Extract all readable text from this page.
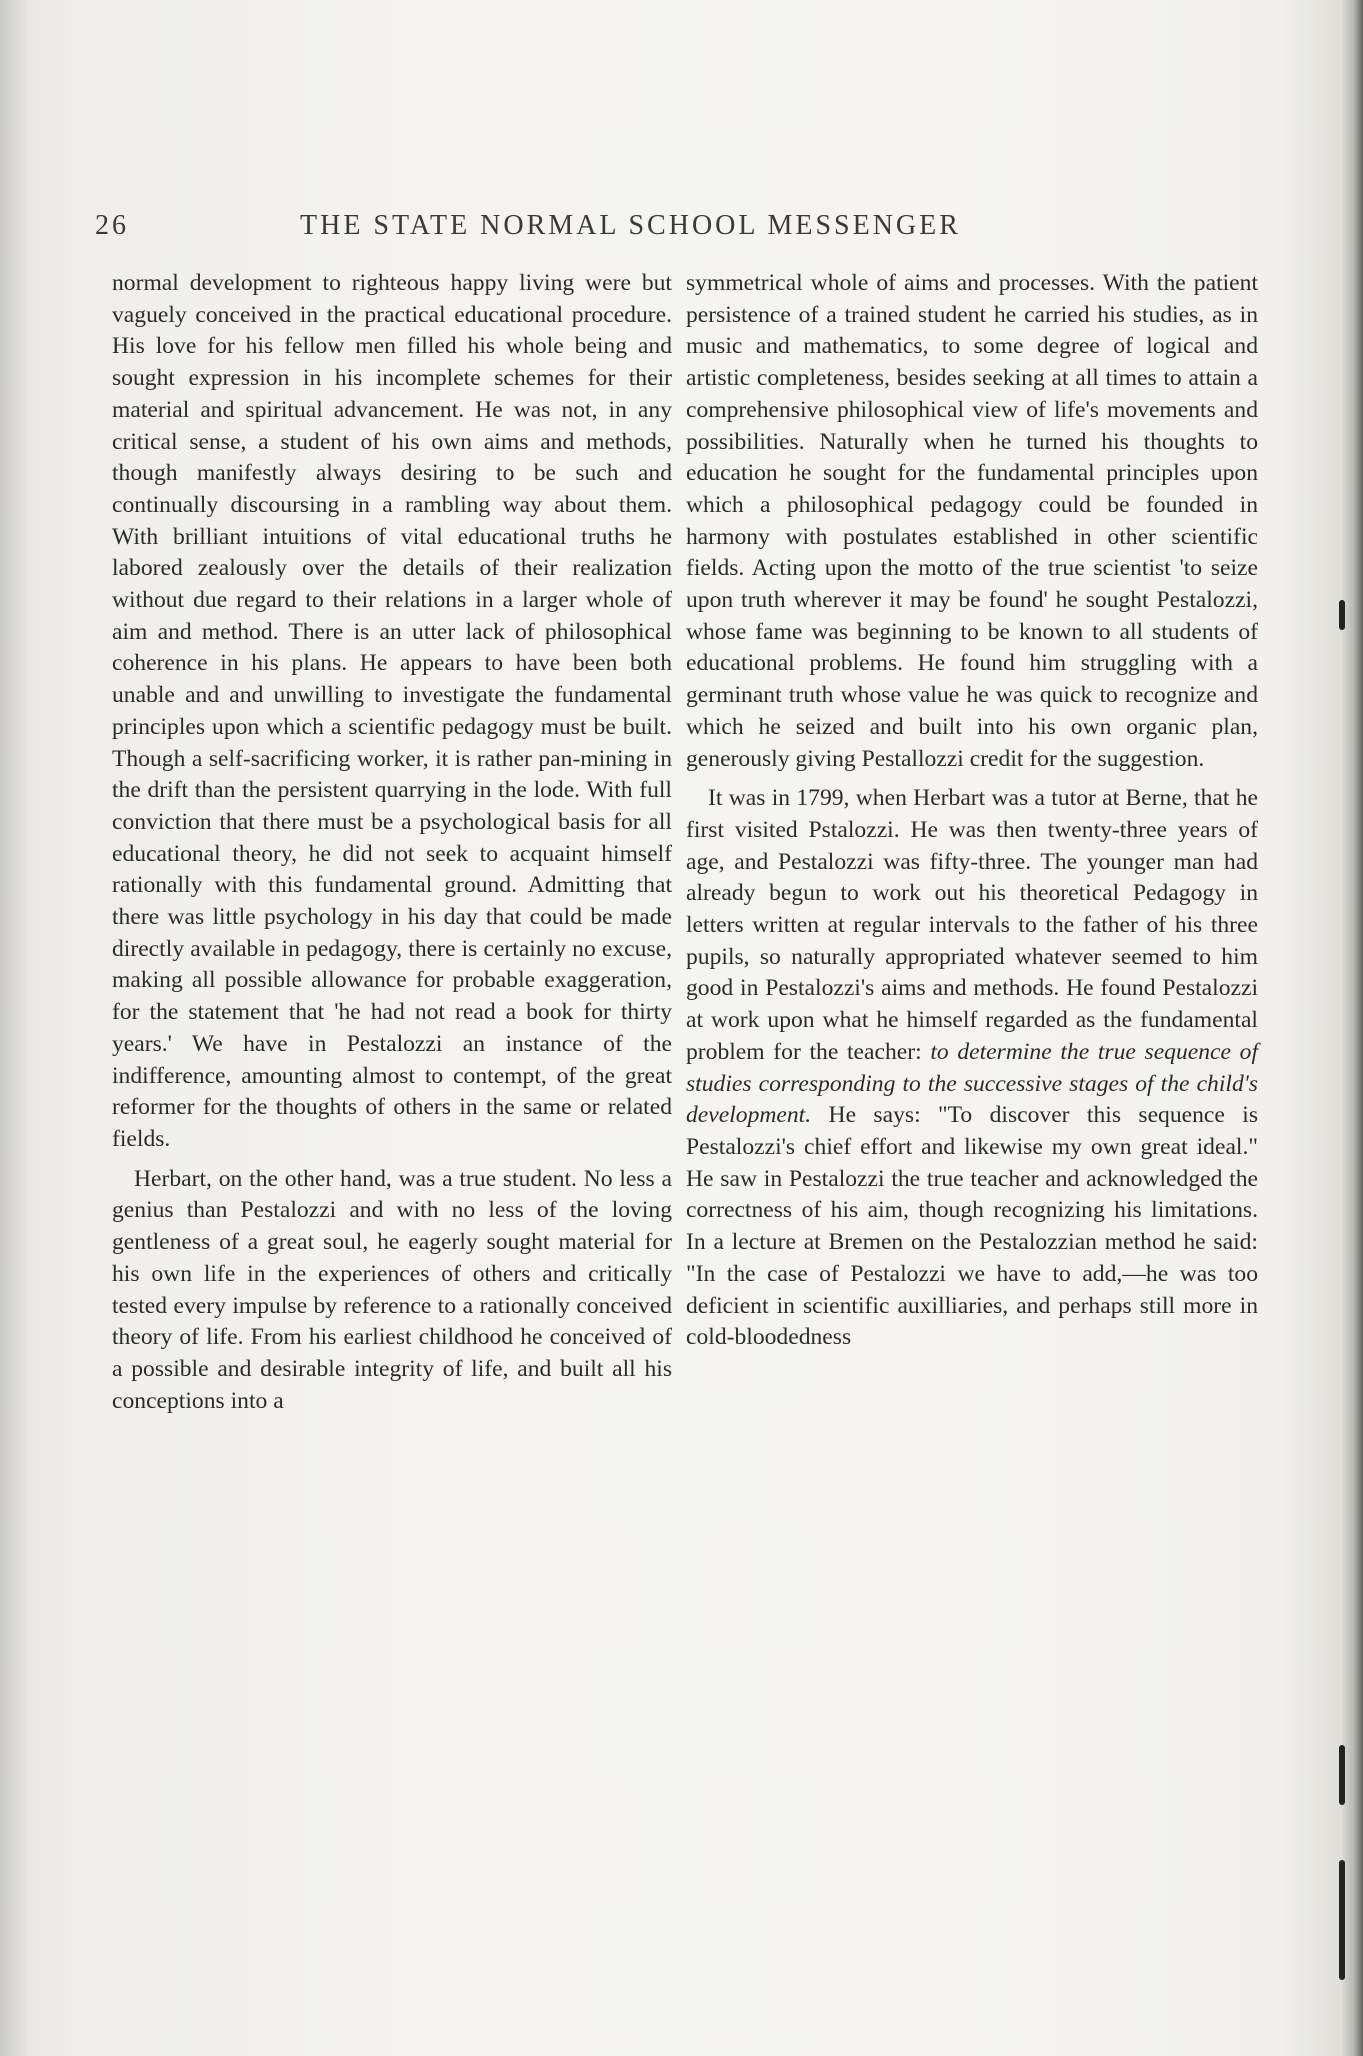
26	THE STATE NORMAL SCHOOL MESSENGER

normal development to righteous happy living were but vaguely conceived in the practical educational procedure. His love for his fellow men filled his whole being and sought expression in his incomplete schemes for their material and spiritual advancement. He was not, in any critical sense, a student of his own aims and methods, though manifestly always desiring to be such and continually discoursing in a rambling way about them. With brilliant intuitions of vital educational truths he labored zealously over the details of their realization without due regard to their relations in a larger whole of aim and method. There is an utter lack of philosophical coherence in his plans. He appears to have been both unable and and unwilling to investigate the fundamental principles upon which a scientific pedagogy must be built. Though a self-sacrificing worker, it is rather pan-mining in the drift than the persistent quarrying in the lode. With full conviction that there must be a psychological basis for all educational theory, he did not seek to acquaint himself rationally with this fundamental ground. Admitting that there was little psychology in his day that could be made directly available in pedagogy, there is certainly no excuse, making all possible allowance for probable exaggeration, for the statement that 'he had not read a book for thirty years.' We have in Pestalozzi an instance of the indifference, amounting almost to contempt, of the great reformer for the thoughts of others in the same or related fields.

Herbart, on the other hand, was a true student. No less a genius than Pestalozzi and with no less of the loving gentleness of a great soul, he eagerly sought material for his own life in the experiences of others and critically tested every impulse by reference to a rationally conceived theory of life. From his earliest childhood he conceived of a possible and desirable integrity of life, and built all his conceptions into a

symmetrical whole of aims and processes. With the patient persistence of a trained student he carried his studies, as in music and mathematics, to some degree of logical and artistic completeness, besides seeking at all times to attain a comprehensive philosophical view of life's movements and possibilities. Naturally when he turned his thoughts to education he sought for the fundamental principles upon which a philosophical pedagogy could be founded in harmony with postulates established in other scientific fields. Acting upon the motto of the true scientist 'to seize upon truth wherever it may be found' he sought Pestalozzi, whose fame was beginning to be known to all students of educational problems. He found him struggling with a germinant truth whose value he was quick to recognize and which he seized and built into his own organic plan, generously giving Pestallozzi credit for the suggestion.

It was in 1799, when Herbart was a tutor at Berne, that he first visited Pstalozzi. He was then twenty-three years of age, and Pestalozzi was fifty-three. The younger man had already begun to work out his theoretical Pedagogy in letters written at regular intervals to the father of his three pupils, so naturally appropriated whatever seemed to him good in Pestalozzi's aims and methods. He found Pestalozzi at work upon what he himself regarded as the fundamental problem for the teacher: to determine the true sequence of studies corresponding to the successive stages of the child's development. He says: "To discover this sequence is Pestalozzi's chief effort and likewise my own great ideal." He saw in Pestalozzi the true teacher and acknowledged the correctness of his aim, though recognizing his limitations. In a lecture at Bremen on the Pestalozzian method he said: "In the case of Pestalozzi we have to add,—he was too deficient in scientific auxilliaries, and perhaps still more in cold-bloodedness
